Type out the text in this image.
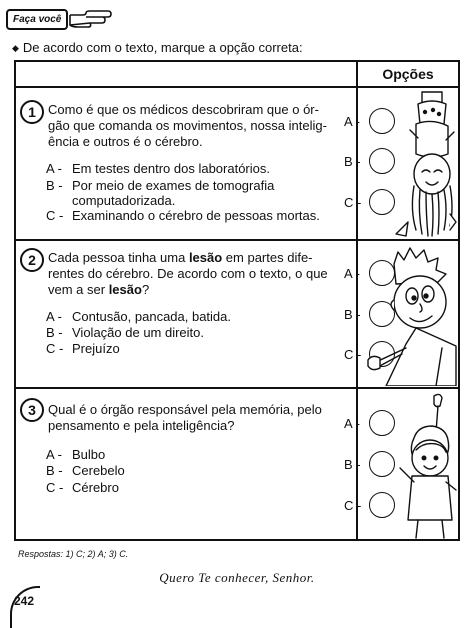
Faça você
◆ De acordo com o texto, marque a opção correta:
Opções
1 Como é que os médicos descobriram que o ór-
gão que comanda os movimentos, nossa intelig-
ência e outros é o cérebro.
A - Em testes dentro dos laboratórios.
B - Por meio de exames de tomografia computadorizada.
C - Examinando o cérebro de pessoas mortas.
A -
B -
C -
2 Cada pessoa tinha uma lesão em partes dife-
rentes do cérebro. De acordo com o texto, o que
vem a ser lesão?
A - Contusão, pancada, batida.
B - Violação de um direito.
C - Prejuízo
A -
B -
C -
3 Qual é o órgão responsável pela memória, pelo
pensamento e pela inteligência?
A - Bulbo
B - Cerebelo
C - Cérebro
A -
B -
C -
Respostas: 1) C; 2) A; 3) C.
Quero Te conhecer, Senhor.
242
